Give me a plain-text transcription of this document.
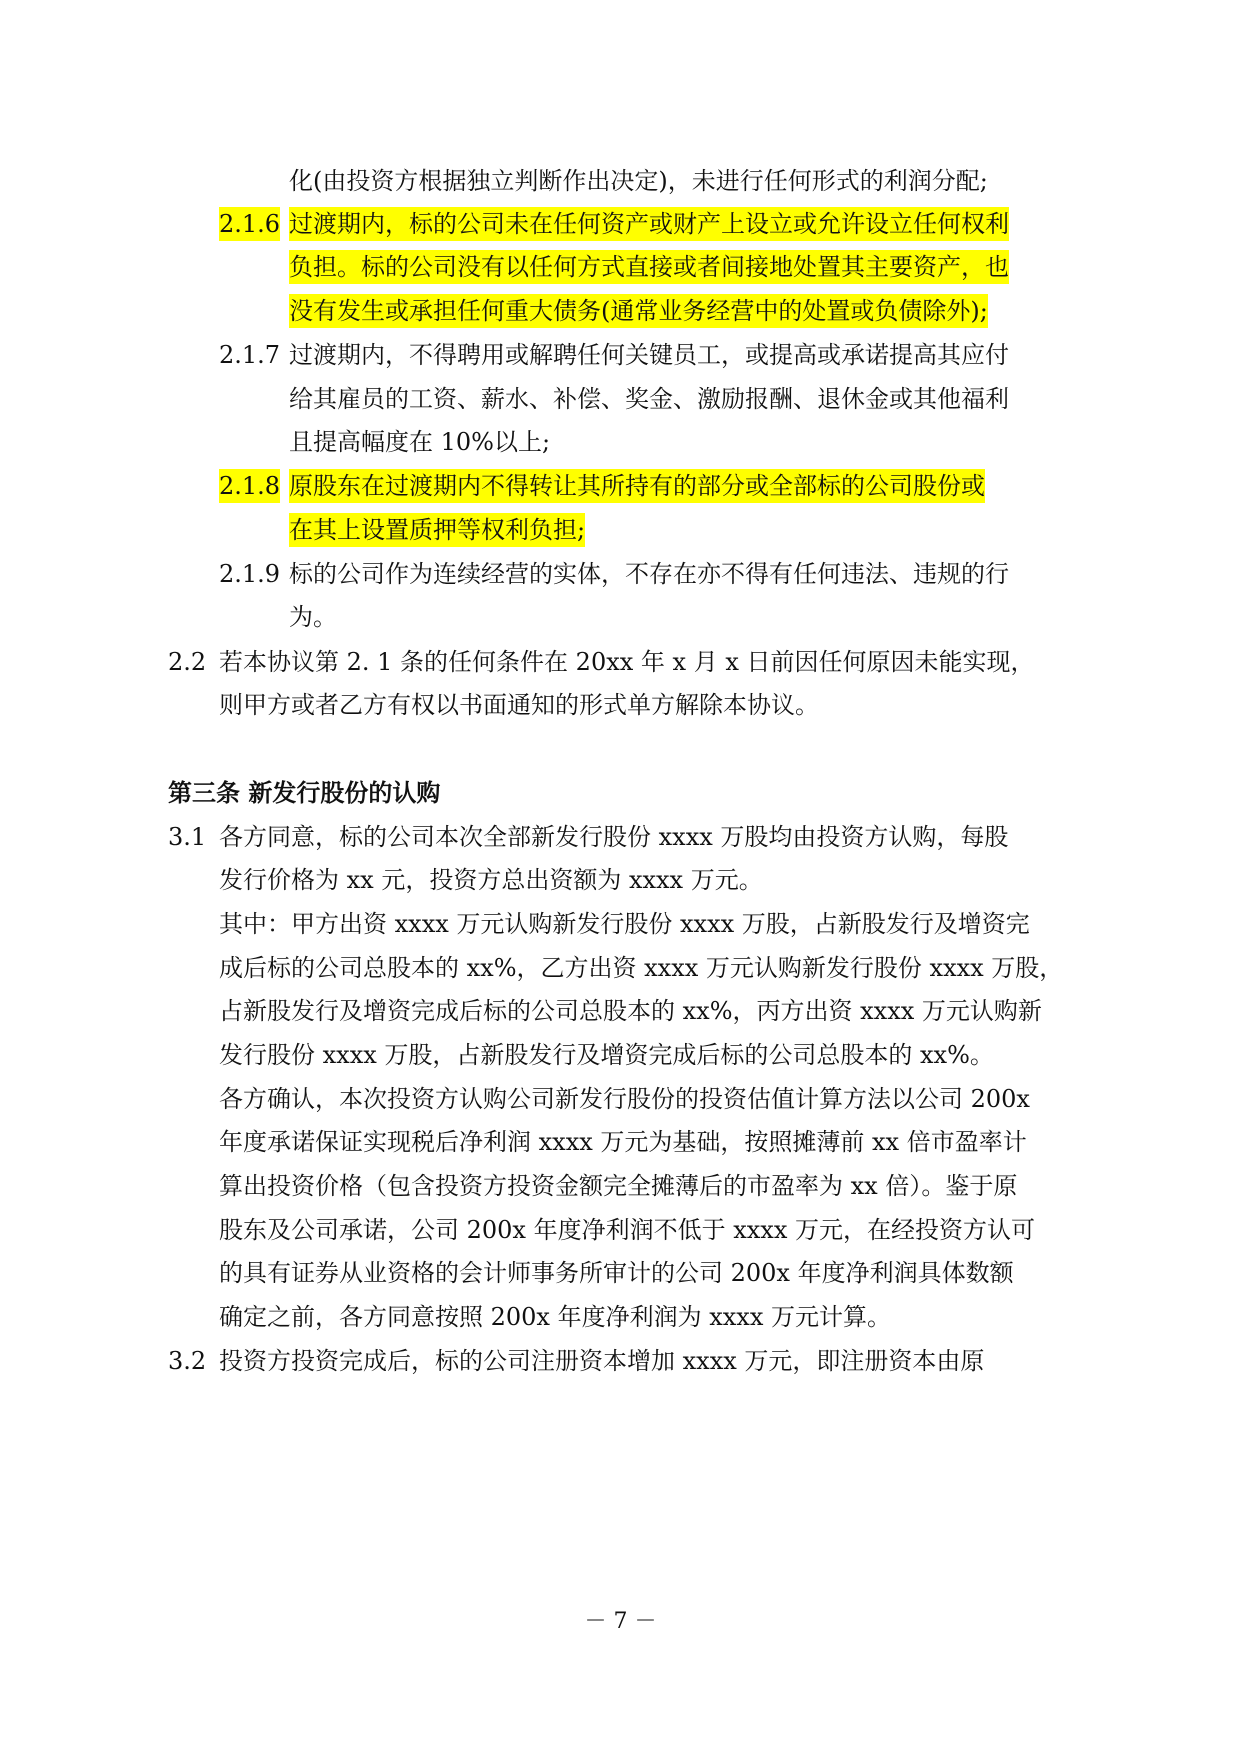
化(由投资方根据独立判断作出决定)，未进行任何形式的利润分配;
2.1.6 过渡期内，标的公司未在任何资产或财产上设立或允许设立任何权利
负担。标的公司没有以任何方式直接或者间接地处置其主要资产，也
没有发生或承担任何重大债务(通常业务经营中的处置或负债除外);
2.1.7 过渡期内，不得聘用或解聘任何关键员工，或提高或承诺提高其应付
给其雇员的工资、薪水、补偿、奖金、激励报酬、退休金或其他福利
且提高幅度在 10%以上;
2.1.8 原股东在过渡期内不得转让其所持有的部分或全部标的公司股份或
在其上设置质押等权利负担;
2.1.9 标的公司作为连续经营的实体，不存在亦不得有任何违法、违规的行
为。
2.2 若本协议第 2. 1 条的任何条件在 20xx 年 x 月 x 日前因任何原因未能实现，
则甲方或者乙方有权以书面通知的形式单方解除本协议。
第三条 新发行股份的认购
3.1 各方同意，标的公司本次全部新发行股份 xxxx 万股均由投资方认购，每股
发行价格为 xx 元，投资方总出资额为 xxxx 万元。
其中：甲方出资 xxxx 万元认购新发行股份 xxxx 万股，占新股发行及增资完
成后标的公司总股本的 xx%，乙方出资 xxxx 万元认购新发行股份 xxxx 万股，
占新股发行及增资完成后标的公司总股本的 xx%，丙方出资 xxxx 万元认购新
发行股份 xxxx 万股，占新股发行及增资完成后标的公司总股本的 xx%。
各方确认，本次投资方认购公司新发行股份的投资估值计算方法以公司 200x
年度承诺保证实现税后净利润 xxxx 万元为基础，按照摊薄前 xx 倍市盈率计
算出投资价格（包含投资方投资金额完全摊薄后的市盈率为 xx 倍）。鉴于原
股东及公司承诺，公司 200x 年度净利润不低于 xxxx 万元，在经投资方认可
的具有证券从业资格的会计师事务所审计的公司 200x 年度净利润具体数额
确定之前，各方同意按照 200x 年度净利润为 xxxx 万元计算。
3.2 投资方投资完成后，标的公司注册资本增加 xxxx 万元，即注册资本由原
－ 7 －
